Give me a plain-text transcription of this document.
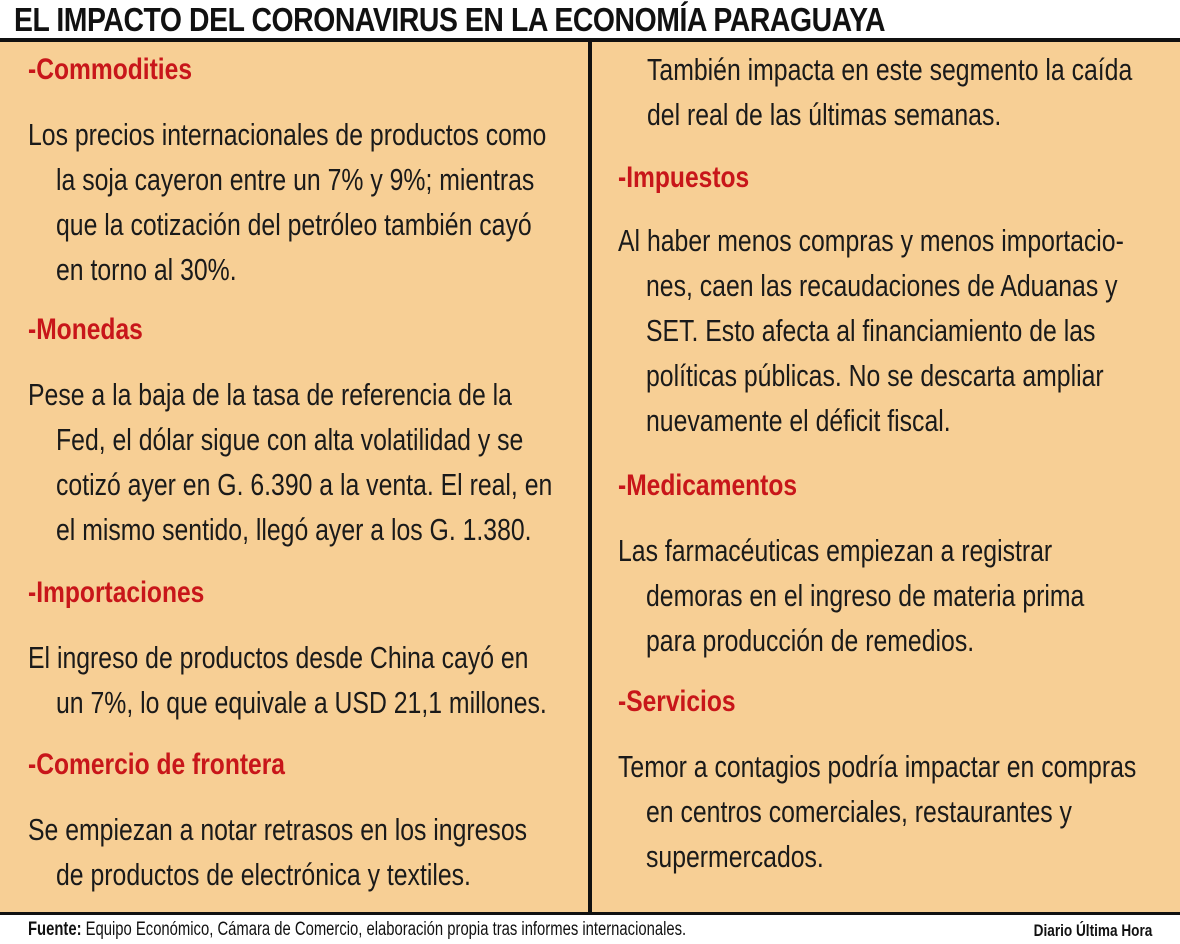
EL IMPACTO DEL CORONAVIRUS EN LA ECONOMÍA PARAGUAYA
-Commodities
Los precios internacionales de productos como
la soja cayeron entre un 7% y 9%; mientras
que la cotización del petróleo también cayó
en torno al 30%.
-Monedas
Pese a la baja de la tasa de referencia de la
Fed, el dólar sigue con alta volatilidad y se
cotizó ayer en G. 6.390 a la venta. El real, en
el mismo sentido, llegó ayer a los G. 1.380.
-Importaciones
El ingreso de productos desde China cayó en
un 7%, lo que equivale a USD 21,1 millones.
-Comercio de frontera
Se empiezan a notar retrasos en los ingresos
de productos de electrónica y textiles.
También impacta en este segmento la caída
del real de las últimas semanas.
-Impuestos
Al haber menos compras y menos importacio-
nes, caen las recaudaciones de Aduanas y
SET. Esto afecta al financiamiento de las
políticas públicas. No se descarta ampliar
nuevamente el déficit fiscal.
-Medicamentos
Las farmacéuticas empiezan a registrar
demoras en el ingreso de materia prima
para producción de remedios.
-Servicios
Temor a contagios podría impactar en compras
en centros comerciales, restaurantes y
supermercados.
Fuente: Equipo Económico, Cámara de Comercio, elaboración propia tras informes internacionales.	Diario Última Hora
